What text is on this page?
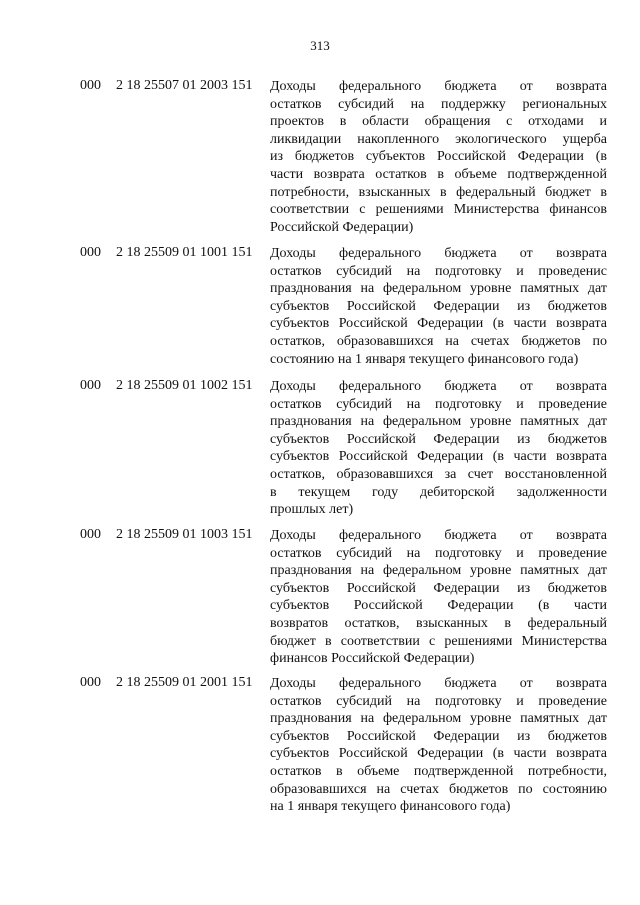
313
000 2 18 25507 01 2003 151 Доходы федерального бюджета от возврата
остатков субсидий на поддержку региональных
проектов в области обращения с отходами и
ликвидации накопленного экологического ущерба
из бюджетов субъектов Российской Федерации (в
части возврата остатков в объеме подтвержденной
потребности, взысканных в федеральный бюджет в
соответствии с решениями Министерства финансов
Российской Федерации)
000 2 18 25509 01 1001 151 Доходы федерального бюджета от возврата
остатков субсидий на подготовку и проведенис
празднования на федеральном уровне памятных дат
субъектов Российской Федерации из бюджетов
субъектов Российской Федерации (в части возврата
остатков, образовавшихся на счетах бюджетов по
состоянию на 1 января текущего финансового года)
000 2 18 25509 01 1002 151 Доходы федерального бюджета от возврата
остатков субсидий на подготовку и проведение
празднования на федеральном уровне памятных дат
субъектов Российской Федерации из бюджетов
субъектов Российской Федерации (в части возврата
остатков, образовавшихся за счет восстановленной
в текущем году дебиторской задолженности
прошлых лет)
000 2 18 25509 01 1003 151 Доходы федерального бюджета от возврата
остатков субсидий на подготовку и проведение
празднования на федеральном уровне памятных дат
субъектов Российской Федерации из бюджетов
субъектов Российской Федерации (в части
возвратов остатков, взысканных в федеральный
бюджет в соответствии с решениями Министерства
финансов Российской Федерации)
000 2 18 25509 01 2001 151 Доходы федерального бюджета от возврата
остатков субсидий на подготовку и проведение
празднования на федеральном уровне памятных дат
субъектов Российской Федерации из бюджетов
субъектов Российской Федерации (в части возврата
остатков в объеме подтвержденной потребности,
образовавшихся на счетах бюджетов по состоянию
на 1 января текущего финансового года)
